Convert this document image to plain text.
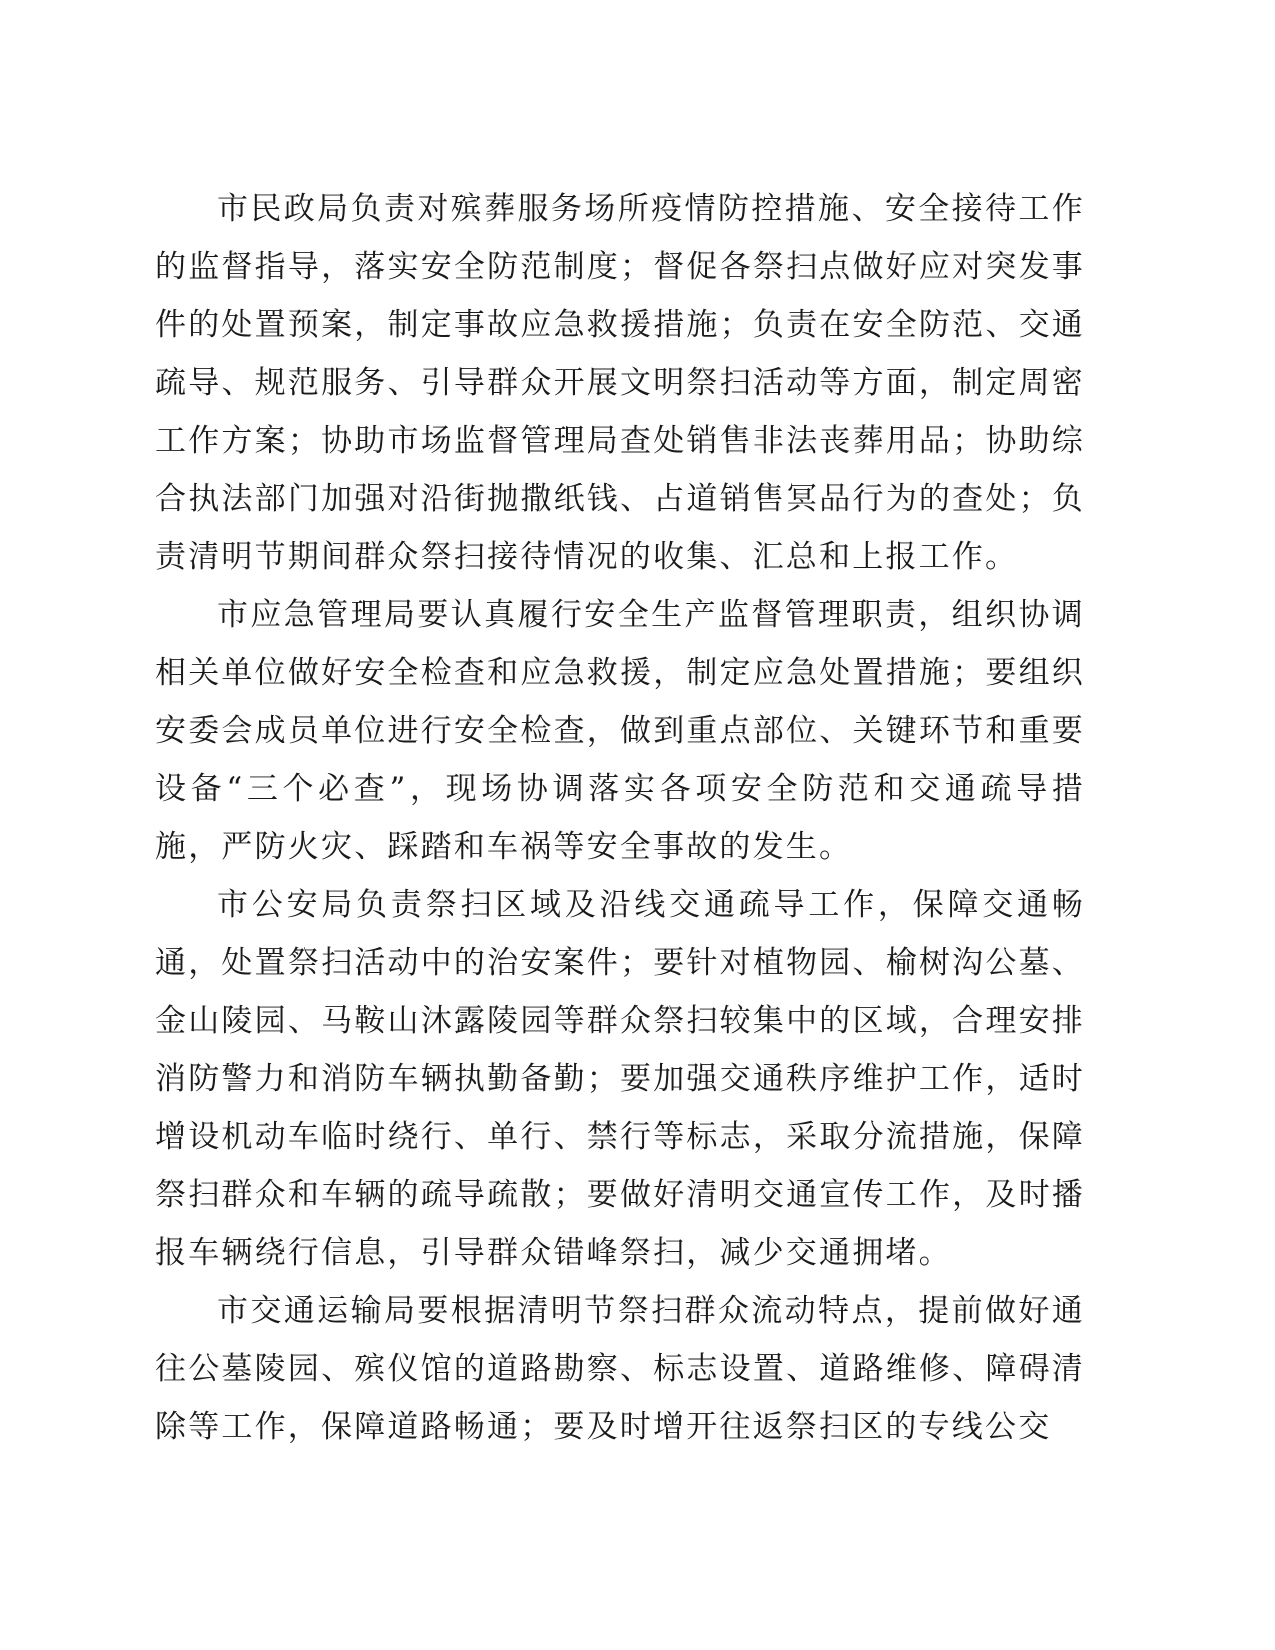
市民政局负责对殡葬服务场所疫情防控措施、安全接待工作的监督指导，落实安全防范制度；督促各祭扫点做好应对突发事件的处置预案，制定事故应急救援措施；负责在安全防范、交通疏导、规范服务、引导群众开展文明祭扫活动等方面，制定周密工作方案；协助市场监督管理局查处销售非法丧葬用品；协助综合执法部门加强对沿街抛撒纸钱、占道销售冥品行为的查处；负责清明节期间群众祭扫接待情况的收集、汇总和上报工作。

市应急管理局要认真履行安全生产监督管理职责，组织协调相关单位做好安全检查和应急救援，制定应急处置措施；要组织安委会成员单位进行安全检查，做到重点部位、关键环节和重要设备“三个必查”，现场协调落实各项安全防范和交通疏导措施，严防火灾、踩踏和车祸等安全事故的发生。

市公安局负责祭扫区域及沿线交通疏导工作，保障交通畅通，处置祭扫活动中的治安案件；要针对植物园、榆树沟公墓、金山陵园、马鞍山沐露陵园等群众祭扫较集中的区域，合理安排消防警力和消防车辆执勤备勤；要加强交通秩序维护工作，适时增设机动车临时绕行、单行、禁行等标志，采取分流措施，保障祭扫群众和车辆的疏导疏散；要做好清明交通宣传工作，及时播报车辆绕行信息，引导群众错峰祭扫，减少交通拥堵。

市交通运输局要根据清明节祭扫群众流动特点，提前做好通往公墓陵园、殡仪馆的道路勘察、标志设置、道路维修、障碍清除等工作，保障道路畅通；要及时增开往返祭扫区的专线公交
